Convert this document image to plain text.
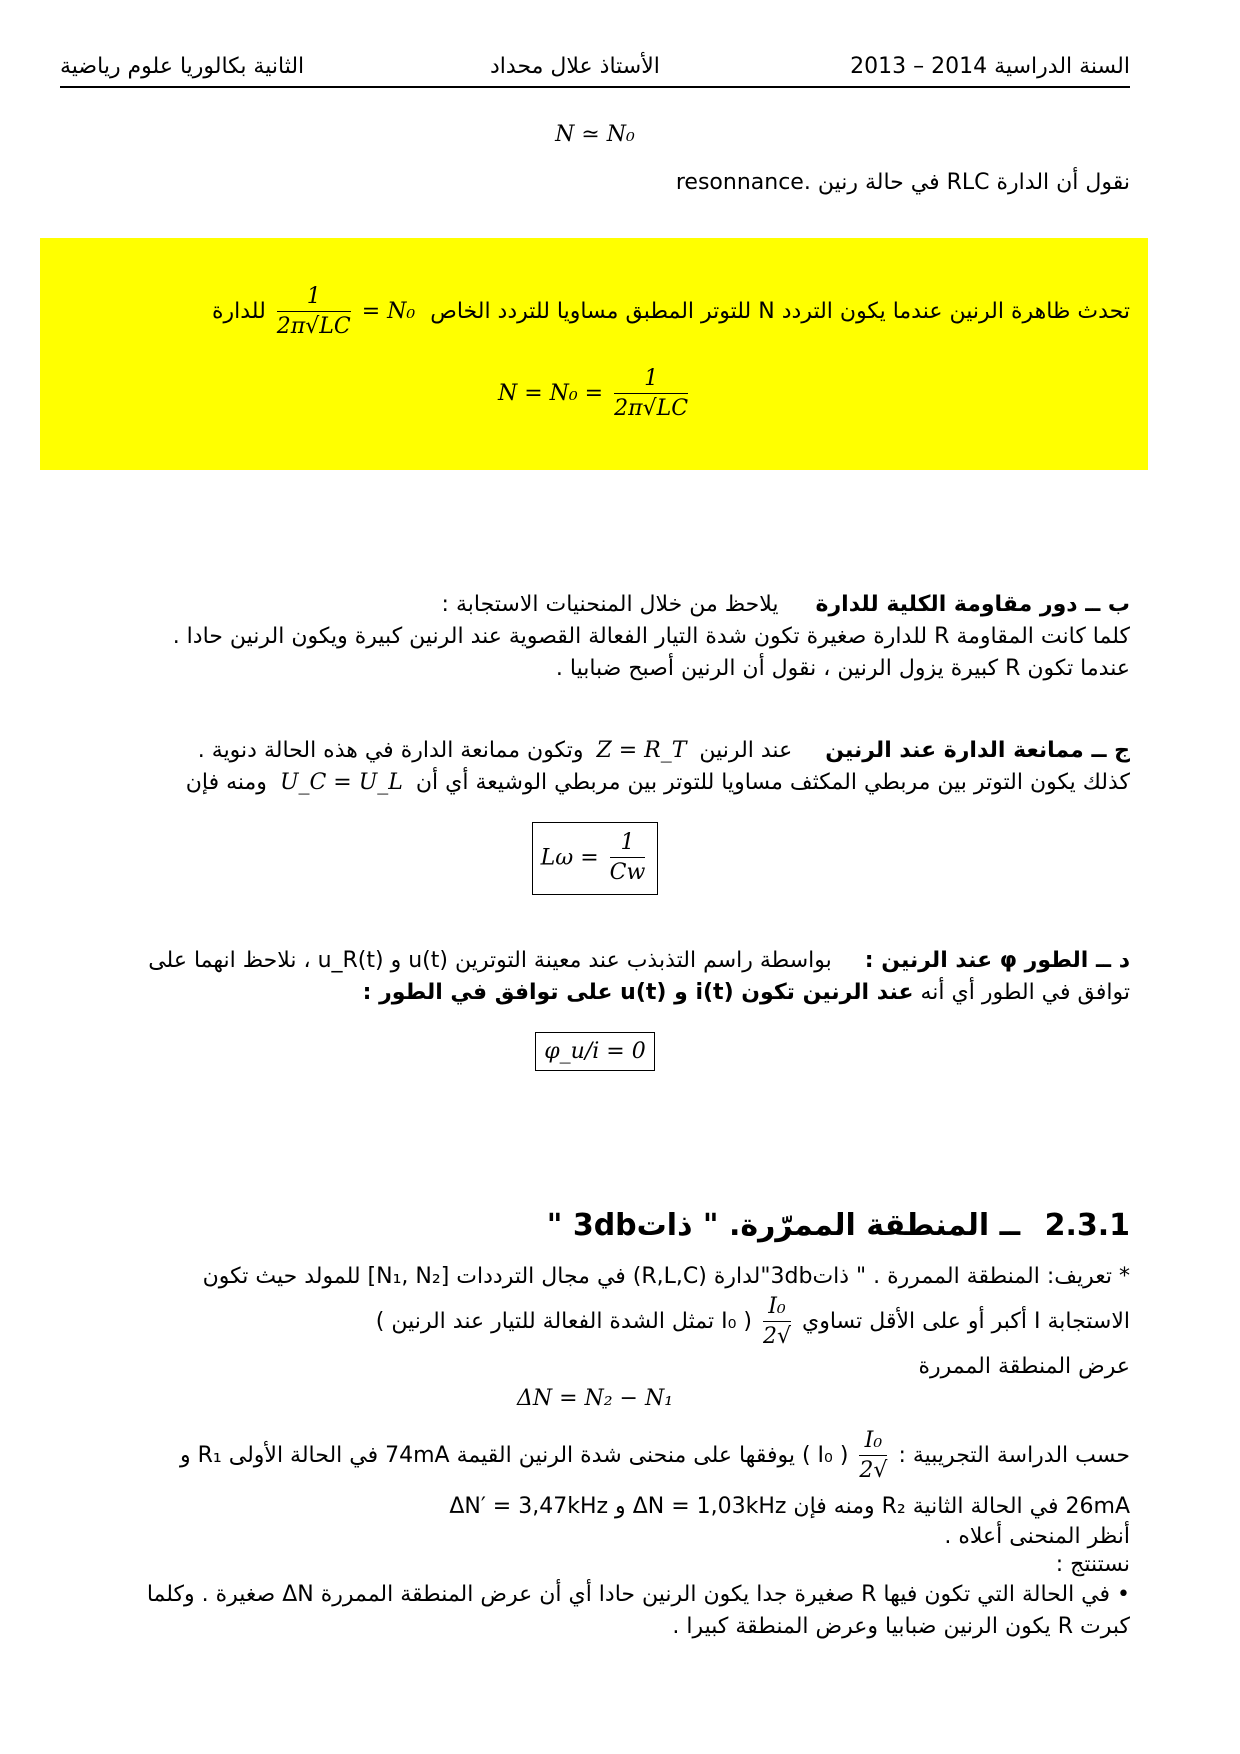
السنة الدراسية 2014 – 2013
الأستاذ علال محداد
الثانية بكالوريا علوم رياضية
N ≃ N₀
نقول أن الدارة RLC في حالة رنين .resonnance
تحدث ظاهرة الرنين عندما يكون التردد N للتوتر المطبق مساويا للتردد الخاص N₀ =
$\frac{1}{2\pi√LC}$
للدارة
$N = N_0 = \frac{1}{2\pi√LC}$
ب ــ دور مقاومة الكلية للدارة يلاحظ من خلال المنحنيات الاستجابة :
كلما كانت المقاومة R للدارة صغيرة تكون شدة التيار الفعالة القصوية عند الرنين كبيرة ويكون الرنين حادا .
عندما تكون R كبيرة يزول الرنين ، نقول أن الرنين أصبح ضبابيا .
ج ــ ممانعة الدارة عند الرنين عند الرنين Z = R_T وتكون ممانعة الدارة في هذه الحالة دنوية .
كذلك يكون التوتر بين مربطي المكثف مساويا للتوتر بين مربطي الوشيعة أي أن U_C = U_L ومنه فإن
$L\omega = \frac{1}{Cw}$
د ــ الطور φ عند الرنين : بواسطة راسم التذبذب عند معينة التوترين u(t) و u_R(t) ، نلاحظ انهما على
توافق في الطور أي أنه عند الرنين تكون i(t) و u(t) على توافق في الطور :
φ_u/i = 0
2.3.1 ــ المنطقة الممرّرة. " ذات3db "
* تعريف: المنطقة الممررة . " ذات3db"لدارة (R,L,C) في مجال الترددات [N₁, N₂] للمولد حيث تكون
الاستجابة I أكبر أو على الأقل تساوي
$\frac{\text{I₀}}{√2}$
( I₀ تمثل الشدة الفعالة للتيار عند الرنين )
عرض المنطقة الممررة
ΔN = N₂ − N₁
حسب الدراسة التجريبية :
$\frac{\text{I₀}}{√2}$
( I₀ ) يوفقها على منحنى شدة الرنين القيمة 74mA في الحالة الأولى R₁ و
26mA في الحالة الثانية R₂ ومنه فإن ΔN = 1,03kHz و ΔN′ = 3,47kHz
أنظر المنحنى أعلاه .
نستنتج :
• في الحالة التي تكون فيها R صغيرة جدا يكون الرنين حادا أي أن عرض المنطقة الممررة ΔN صغيرة . وكلما
كبرت R يكون الرنين ضبابيا وعرض المنطقة كبيرا .
